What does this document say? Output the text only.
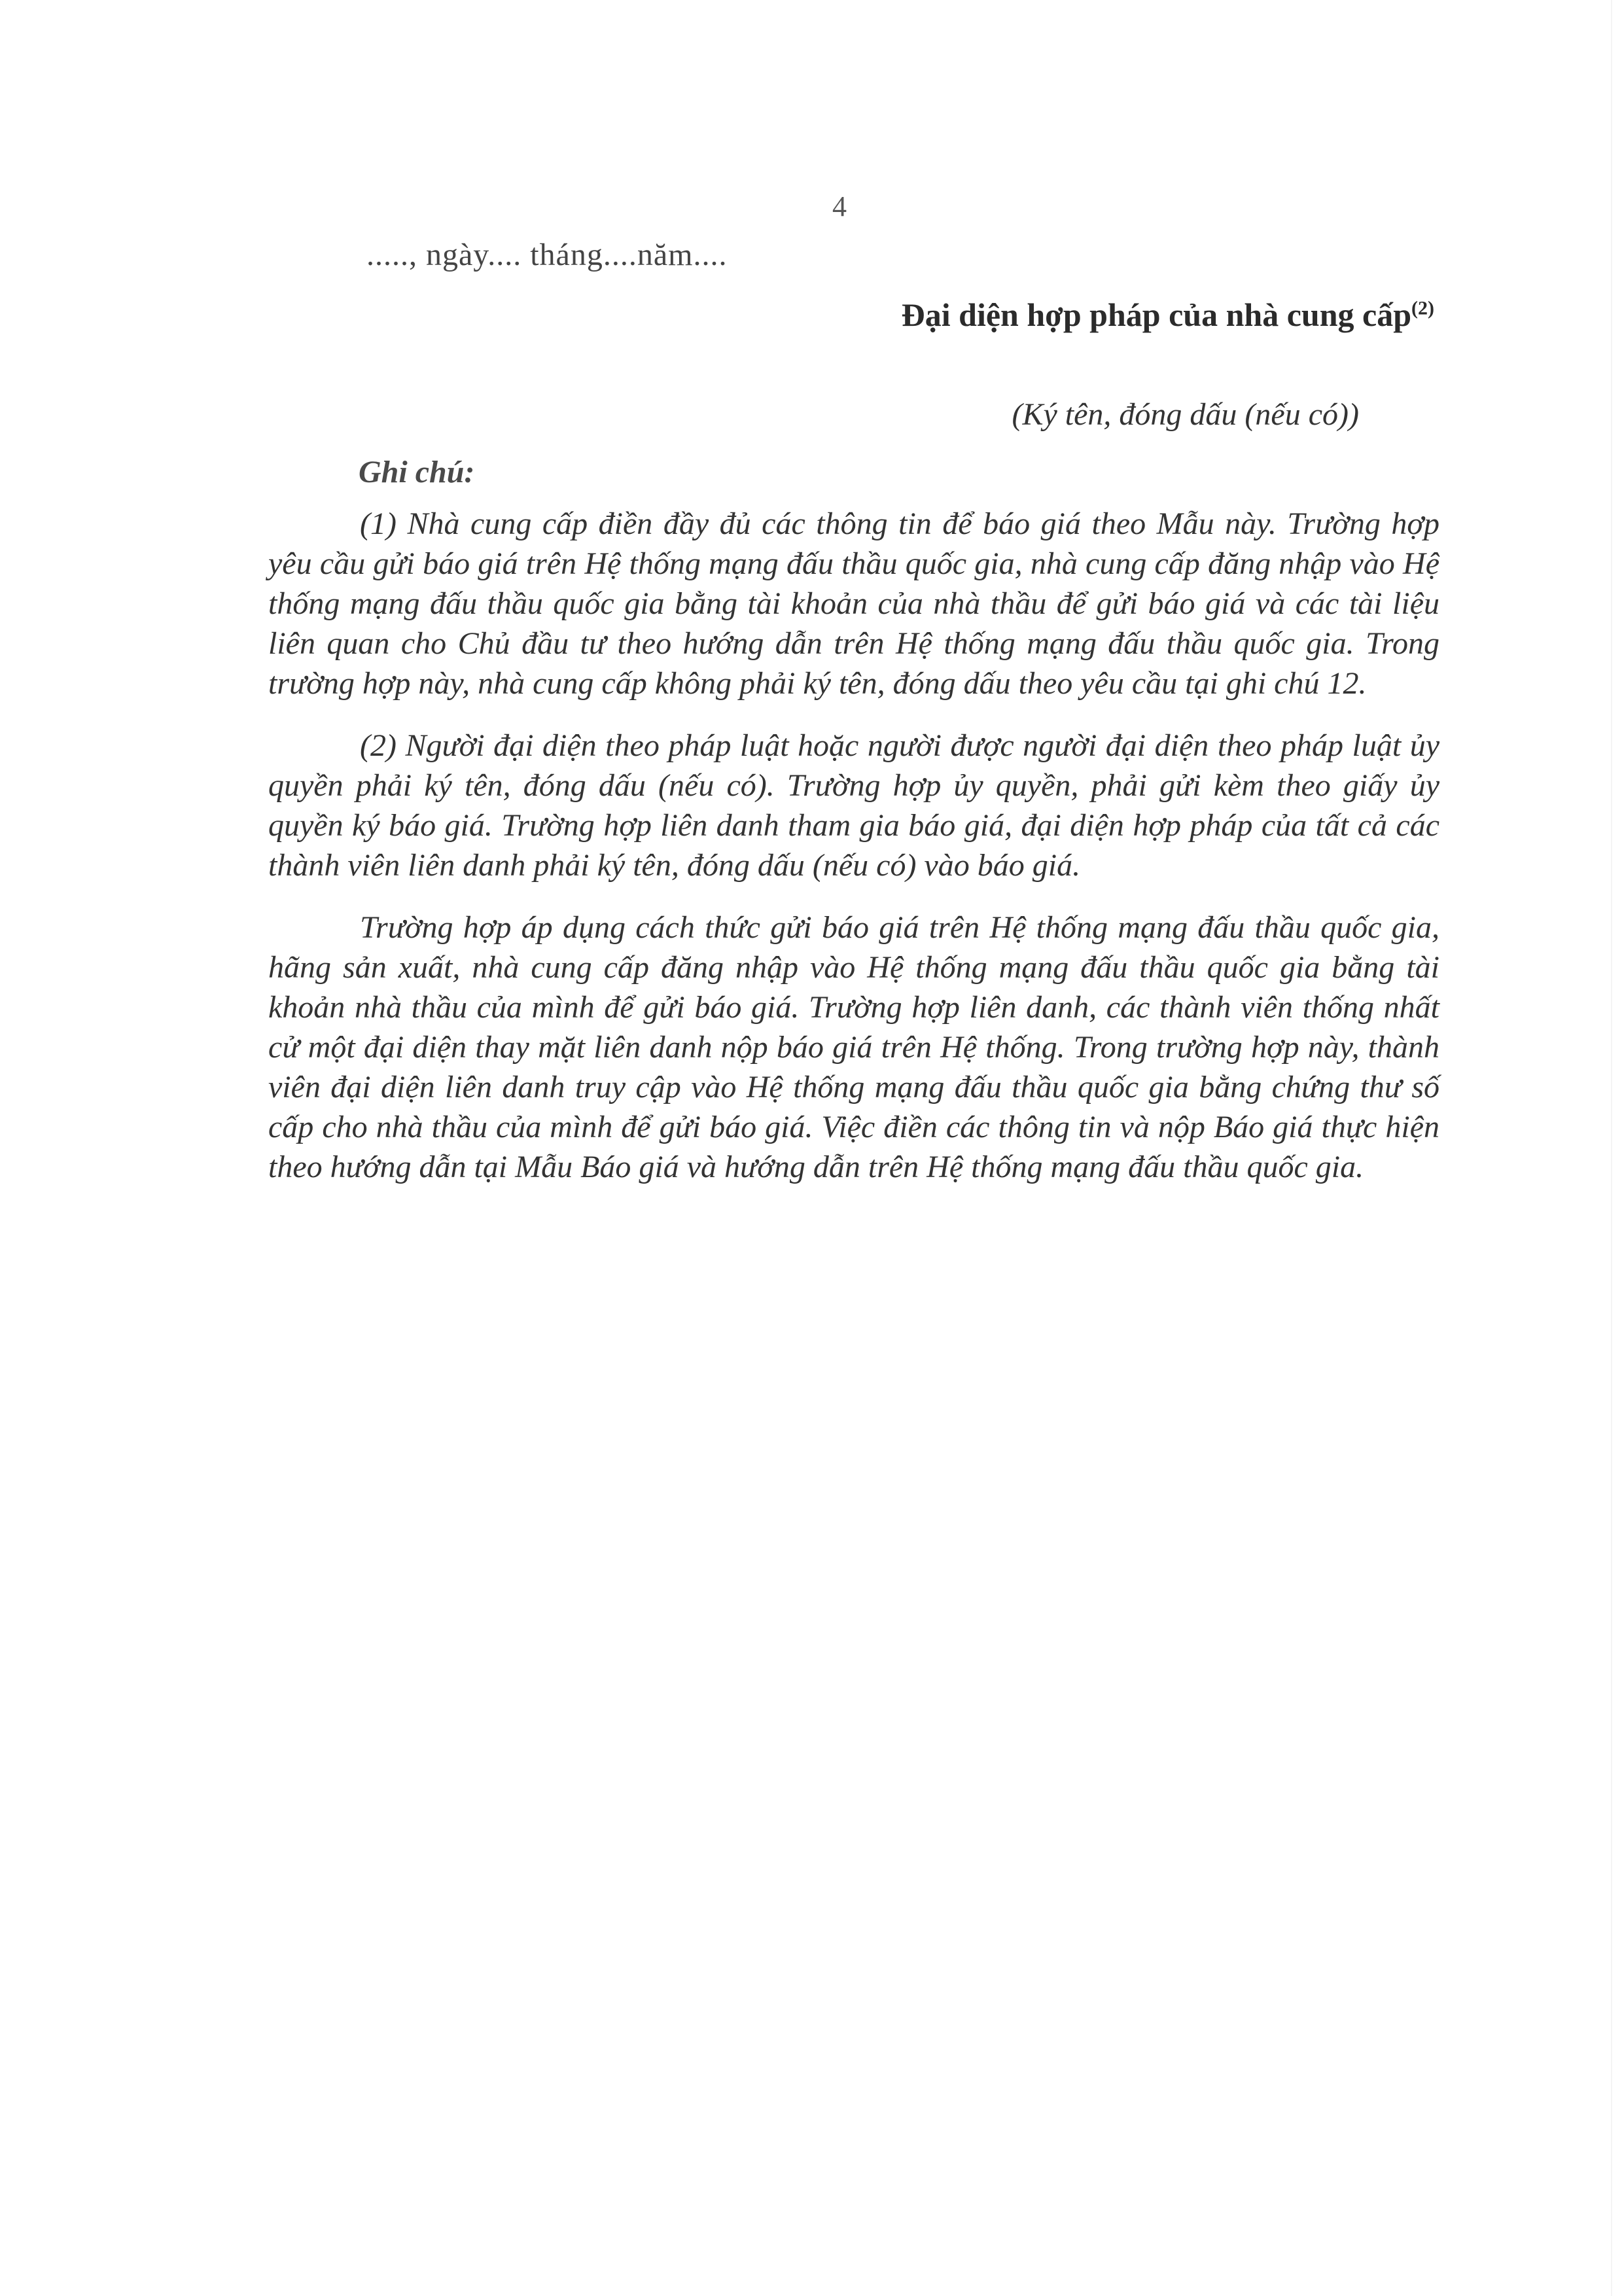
4
....., ngày.... tháng....năm....
Đại diện hợp pháp của nhà cung cấp$^{(2)}$
(Ký tên, đóng dấu (nếu có))
Ghi chú:

(1) Nhà cung cấp điền đầy đủ các thông tin để báo giá theo Mẫu này. Trường hợp yêu cầu gửi báo giá trên Hệ thống mạng đấu thầu quốc gia, nhà cung cấp đăng nhập vào Hệ thống mạng đấu thầu quốc gia bằng tài khoản của nhà thầu để gửi báo giá và các tài liệu liên quan cho Chủ đầu tư theo hướng dẫn trên Hệ thống mạng đấu thầu quốc gia. Trong trường hợp này, nhà cung cấp không phải ký tên, đóng dấu theo yêu cầu tại ghi chú 12.

(2) Người đại diện theo pháp luật hoặc người được người đại diện theo pháp luật ủy quyền phải ký tên, đóng dấu (nếu có). Trường hợp ủy quyền, phải gửi kèm theo giấy ủy quyền ký báo giá. Trường hợp liên danh tham gia báo giá, đại diện hợp pháp của tất cả các thành viên liên danh phải ký tên, đóng dấu (nếu có) vào báo giá.

Trường hợp áp dụng cách thức gửi báo giá trên Hệ thống mạng đấu thầu quốc gia, hãng sản xuất, nhà cung cấp đăng nhập vào Hệ thống mạng đấu thầu quốc gia bằng tài khoản nhà thầu của mình để gửi báo giá. Trường hợp liên danh, các thành viên thống nhất cử một đại diện thay mặt liên danh nộp báo giá trên Hệ thống. Trong trường hợp này, thành viên đại diện liên danh truy cập vào Hệ thống mạng đấu thầu quốc gia bằng chứng thư số cấp cho nhà thầu của mình để gửi báo giá. Việc điền các thông tin và nộp Báo giá thực hiện theo hướng dẫn tại Mẫu Báo giá và hướng dẫn trên Hệ thống mạng đấu thầu quốc gia.
